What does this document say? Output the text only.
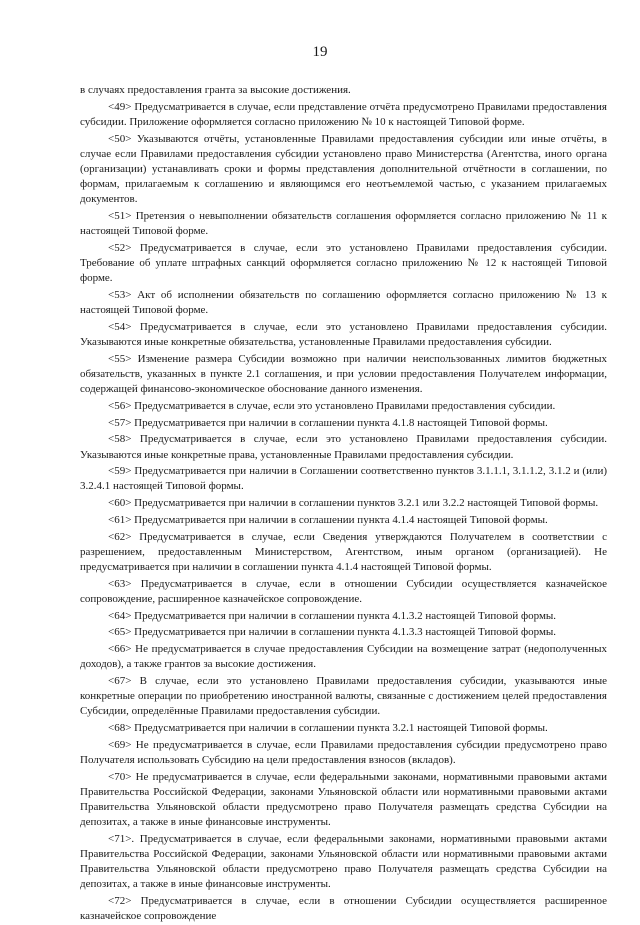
19

в случаях предоставления гранта за высокие достижения.

<49> Предусматривается в случае, если представление отчёта предусмотрено Правилами предоставления субсидии. Приложение оформляется согласно приложению № 10 к настоящей Типовой форме.

<50> Указываются отчёты, установленные Правилами предоставления субсидии или иные отчёты, в случае если Правилами предоставления субсидии установлено право Министерства (Агентства, иного органа (организации) устанавливать сроки и формы представления дополнительной отчётности в соглашении, по формам, прилагаемым к соглашению и являющимся его неотъемлемой частью, с указанием прилагаемых документов.

<51> Претензия о невыполнении обязательств соглашения оформляется согласно приложению № 11 к настоящей Типовой форме.

<52> Предусматривается в случае, если это установлено Правилами предоставления субсидии. Требование об уплате штрафных санкций оформляется согласно приложению № 12 к настоящей Типовой форме.

<53> Акт об исполнении обязательств по соглашению оформляется согласно приложению № 13 к настоящей Типовой форме.

<54> Предусматривается в случае, если это установлено Правилами предоставления субсидии. Указываются иные конкретные обязательства, установленные Правилами предоставления субсидии.

<55> Изменение размера Субсидии возможно при наличии неиспользованных лимитов бюджетных обязательств, указанных в пункте 2.1 соглашения, и при условии предоставления Получателем информации, содержащей финансово-экономическое обоснование данного изменения.

<56> Предусматривается в случае, если это установлено Правилами предоставления субсидии.

<57> Предусматривается при наличии в соглашении пункта 4.1.8 настоящей Типовой формы.

<58> Предусматривается в случае, если это установлено Правилами предоставления субсидии. Указываются иные конкретные права, установленные Правилами предоставления субсидии.

<59> Предусматривается при наличии в Соглашении соответственно пунктов 3.1.1.1, 3.1.1.2, 3.1.2 и (или) 3.2.4.1 настоящей Типовой формы.

<60> Предусматривается при наличии в соглашении пунктов 3.2.1 или 3.2.2 настоящей Типовой формы.

<61> Предусматривается при наличии в соглашении пункта 4.1.4 настоящей Типовой формы.

<62> Предусматривается в случае, если Сведения утверждаются Получателем в соответствии с разрешением, предоставленным Министерством, Агентством, иным органом (организацией). Не предусматривается при наличии в соглашении пункта 4.1.4 настоящей Типовой формы.

<63> Предусматривается в случае, если в отношении Субсидии осуществляется казначейское сопровождение, расширенное казначейское сопровождение.

<64> Предусматривается при наличии в соглашении пункта 4.1.3.2 настоящей Типовой формы.

<65> Предусматривается при наличии в соглашении пункта 4.1.3.3 настоящей Типовой формы.

<66> Не предусматривается в случае предоставления Субсидии на возмещение затрат (недополученных доходов), а также грантов за высокие достижения.

<67> В случае, если это установлено Правилами предоставления субсидии, указываются иные конкретные операции по приобретению иностранной валюты, связанные с достижением целей предоставления Субсидии, определённые Правилами предоставления субсидии.

<68> Предусматривается при наличии в соглашении пункта 3.2.1 настоящей Типовой формы.

<69> Не предусматривается в случае, если Правилами предоставления субсидии предусмотрено право Получателя использовать Субсидию на цели предоставления взносов (вкладов).

<70> Не предусматривается в случае, если федеральными законами, нормативными правовыми актами Правительства Российской Федерации, законами Ульяновской области или нормативными правовыми актами Правительства Ульяновской области предусмотрено право Получателя размещать средства Субсидии на депозитах, а также в иные финансовые инструменты.

<71>. Предусматривается в случае, если федеральными законами, нормативными правовыми актами Правительства Российской Федерации, законами Ульяновской области или нормативными правовыми актами Правительства Ульяновской области предусмотрено право Получателя размещать средства Субсидии на депозитах, а также в иные финансовые инструменты.

<72> Предусматривается в случае, если в отношении Субсидии осуществляется расширенное казначейское сопровождение
